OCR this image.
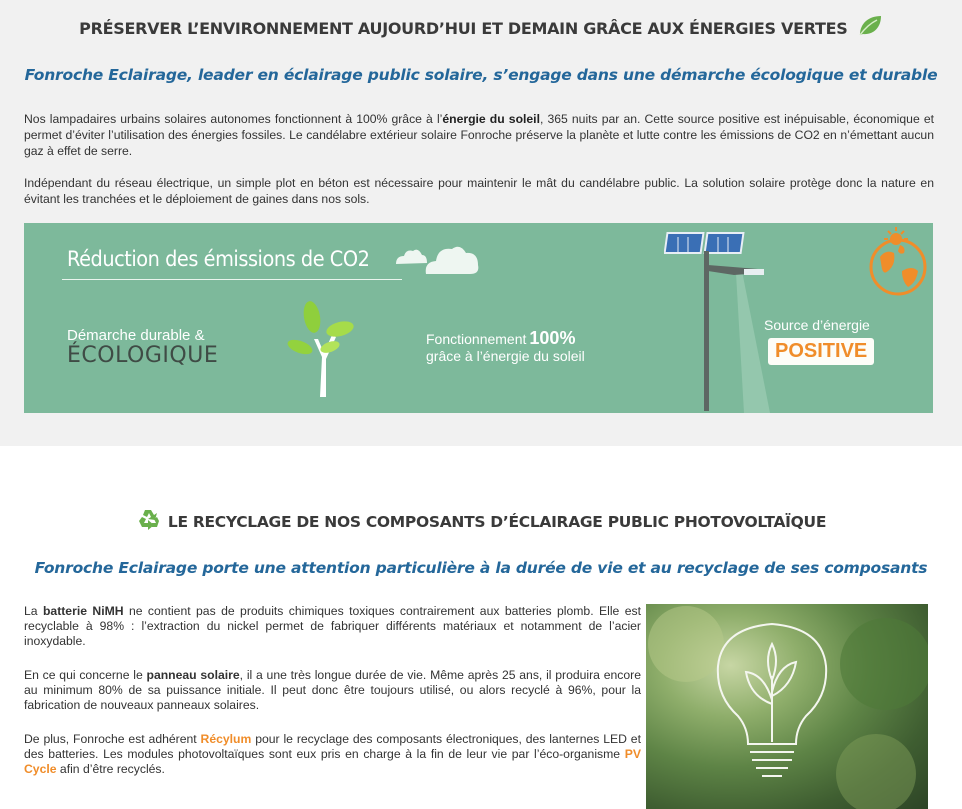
PRÉSERVER L’ENVIRONNEMENT AUJOURD’HUI ET DEMAIN GRÂCE AUX ÉNERGIES VERTES
Fonroche Eclairage, leader en éclairage public solaire, s’engage dans une démarche écologique et durable

Nos lampadaires urbains solaires autonomes fonctionnent à 100% grâce à l’énergie du soleil, 365 nuits par an. Cette source positive est inépuisable, économique et permet d’éviter l’utilisation des énergies fossiles. Le candélabre extérieur solaire Fonroche préserve la planète et lutte contre les émissions de CO2 en n’émettant aucun gaz à effet de serre.

Indépendant du réseau électrique, un simple plot en béton est nécessaire pour maintenir le mât du candélabre public. La solution solaire protège donc la nature en évitant les tranchées et le déploiement de gaines dans nos sols.

Réduction des émissions de CO2
Démarche durable &
ÉCOLOGIQUE
Fonctionnement 100%
grâce à l’énergie du soleil
Source d’énergie
POSITIVE
LE RECYCLAGE DE NOS COMPOSANTS D’ÉCLAIRAGE PUBLIC PHOTOVOLTAÏQUE
Fonroche Eclairage porte une attention particulière à la durée de vie et au recyclage de ses composants

La batterie NiMH ne contient pas de produits chimiques toxiques contrairement aux batteries plomb. Elle est recyclable à 98% : l’extraction du nickel permet de fabriquer différents matériaux et notamment de l’acier inoxydable.

En ce qui concerne le panneau solaire, il a une très longue durée de vie. Même après 25 ans, il produira encore au minimum 80% de sa puissance initiale. Il peut donc être toujours utilisé, ou alors recyclé à 96%, pour la fabrication de nouveaux panneaux solaires.

De plus, Fonroche est adhérent Récylum pour le recyclage des composants électroniques, des lanternes LED et des batteries. Les modules photovoltaïques sont eux pris en charge à la fin de leur vie par l’éco-organisme PV Cycle afin d’être recyclés.
